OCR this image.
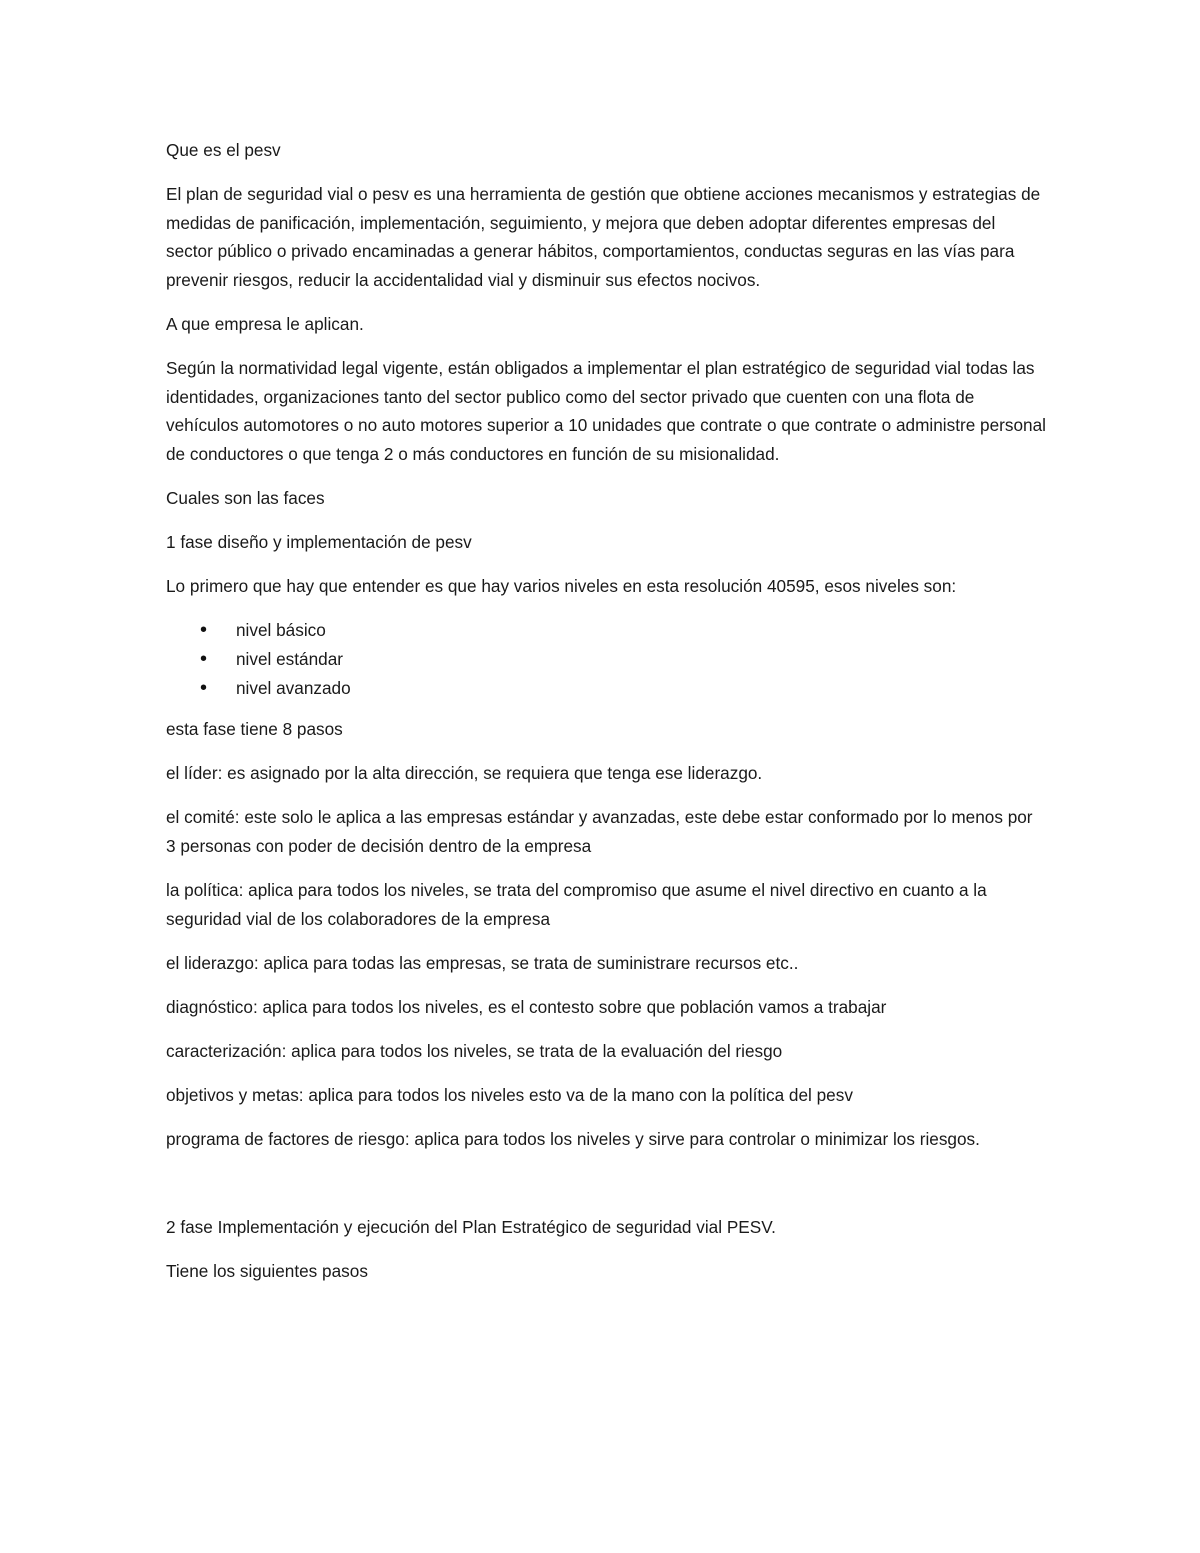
Que es el pesv

El plan de seguridad vial o pesv es una herramienta de gestión que obtiene acciones mecanismos y estrategias de medidas de panificación, implementación, seguimiento, y mejora que deben adoptar diferentes empresas del sector público o privado encaminadas a generar hábitos, comportamientos, conductas seguras en las vías para prevenir riesgos, reducir la accidentalidad vial y disminuir sus efectos nocivos.

A que empresa le aplican.

Según la normatividad legal vigente, están obligados a implementar el plan estratégico de seguridad vial todas las identidades, organizaciones tanto del sector publico como del sector privado que cuenten con una flota de vehículos automotores o no auto motores superior a 10 unidades que contrate o que contrate o administre personal de conductores o que tenga 2 o más conductores en función de su misionalidad.

Cuales son las faces

1 fase diseño y implementación de pesv

Lo primero que hay que entender es que hay varios niveles en esta resolución 40595, esos niveles son:

• nivel básico
• nivel estándar
• nivel avanzado

esta fase tiene 8 pasos

el líder: es asignado por la alta dirección, se requiera que tenga ese liderazgo.

el comité: este solo le aplica a las empresas estándar y avanzadas, este debe estar conformado por lo menos por 3 personas con poder de decisión dentro de la empresa

la política: aplica para todos los niveles, se trata del compromiso que asume el nivel directivo en cuanto a la seguridad vial de los colaboradores de la empresa

el liderazgo: aplica para todas las empresas, se trata de suministrare recursos etc..

diagnóstico: aplica para todos los niveles, es el contesto sobre que población vamos a trabajar

caracterización: aplica para todos los niveles, se trata de la evaluación del riesgo

objetivos y metas: aplica para todos los niveles esto va de la mano con la política del pesv

programa de factores de riesgo: aplica para todos los niveles y sirve para controlar o minimizar los riesgos.

2 fase Implementación y ejecución del Plan Estratégico de seguridad vial PESV.

Tiene los siguientes pasos
